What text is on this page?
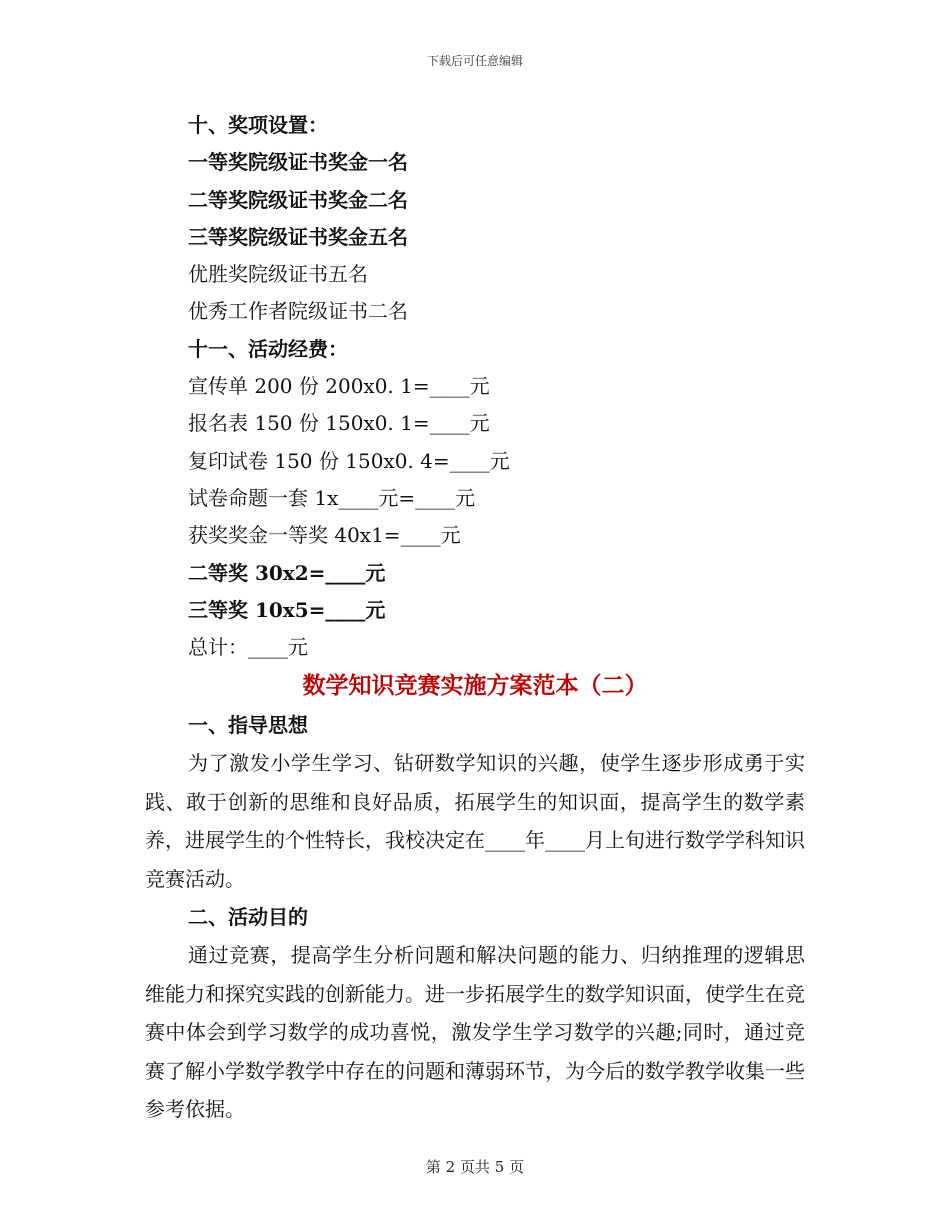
下载后可任意编辑
十、奖项设置：
一等奖院级证书奖金一名
二等奖院级证书奖金二名
三等奖院级证书奖金五名
优胜奖院级证书五名
优秀工作者院级证书二名
十一、活动经费：
宣传单 200 份 200x0. 1=____元
报名表 150 份 150x0. 1=____元
复印试卷 150 份 150x0. 4=____元
试卷命题一套 1x____元=____元
获奖奖金一等奖 40x1=____元
二等奖 30x2=____元
三等奖 10x5=____元
总计：____元
数学知识竞赛实施方案范本（二）
一、指导思想

为了激发小学生学习、钻研数学知识的兴趣，使学生逐步形成勇于实践、敢于创新的思维和良好品质，拓展学生的知识面，提高学生的数学素养，进展学生的个性特长，我校决定在____年____月上旬进行数学学科知识竞赛活动。

二、活动目的

通过竞赛，提高学生分析问题和解决问题的能力、归纳推理的逻辑思维能力和探究实践的创新能力。进一步拓展学生的数学知识面，使学生在竞赛中体会到学习数学的成功喜悦，激发学生学习数学的兴趣;同时，通过竞赛了解小学数学教学中存在的问题和薄弱环节，为今后的数学教学收集一些参考依据。

第 2 页共 5 页
